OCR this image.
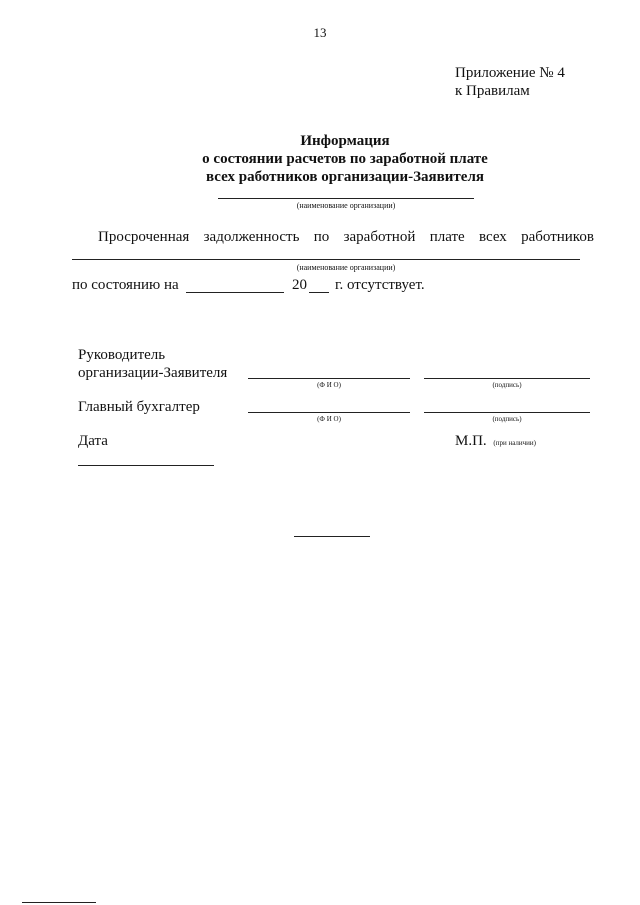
13
Приложение № 4
к Правилам
Информация
о состоянии расчетов по заработной плате
всех работников организации-Заявителя
(наименование организации)
Просроченная задолженность по заработной плате всех работников
(наименование организации)
по состоянию на	20 г. отсутствует.
Руководитель
организации-Заявителя
(Ф И О)	(подпись)
Главный бухгалтер
(Ф И О)	(подпись)
Дата	М.П. (при наличии)
